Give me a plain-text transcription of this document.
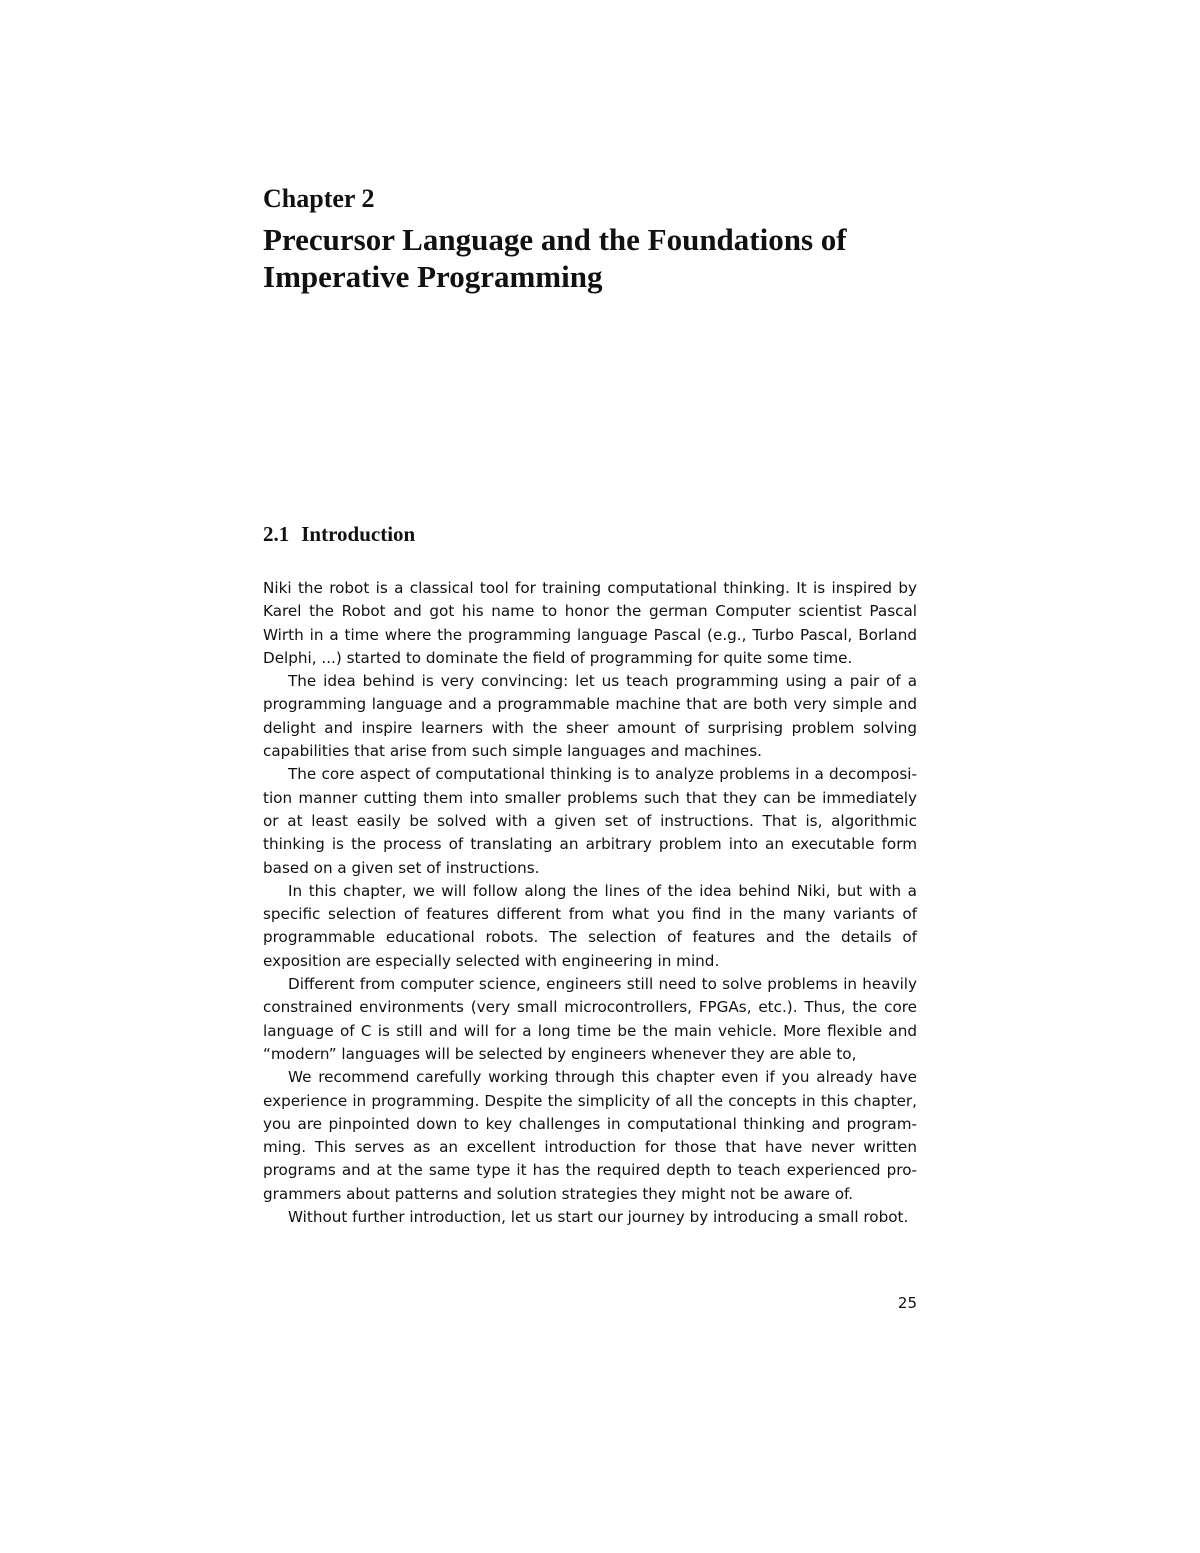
Chapter 2
Precursor Language and the Foundations of Imperative Programming
2.1 Introduction

Niki the robot is a classical tool for training computational thinking. It is inspired by Karel the Robot and got his name to honor the german Computer scientist Pascal Wirth in a time where the programming language Pascal (e.g., Turbo Pascal, Borland Delphi, ...) started to dominate the field of programming for quite some time.

The idea behind is very convincing: let us teach programming using a pair of a programming language and a programmable machine that are both very simple and delight and inspire learners with the sheer amount of surprising problem solving capabilities that arise from such simple languages and machines.

The core aspect of computational thinking is to analyze problems in a decomposition manner cutting them into smaller problems such that they can be immediately or at least easily be solved with a given set of instructions. That is, algorithmic thinking is the process of translating an arbitrary problem into an executable form based on a given set of instructions.

In this chapter, we will follow along the lines of the idea behind Niki, but with a specific selection of features different from what you find in the many variants of programmable educational robots. The selection of features and the details of exposition are especially selected with engineering in mind.

Different from computer science, engineers still need to solve problems in heavily constrained environments (very small microcontrollers, FPGAs, etc.). Thus, the core language of C is still and will for a long time be the main vehicle. More flexible and “modern” languages will be selected by engineers whenever they are able to,

We recommend carefully working through this chapter even if you already have experience in programming. Despite the simplicity of all the concepts in this chapter, you are pinpointed down to key challenges in computational thinking and programming. This serves as an excellent introduction for those that have never written programs and at the same type it has the required depth to teach experienced programmers about patterns and solution strategies they might not be aware of.

Without further introduction, let us start our journey by introducing a small robot.

25
